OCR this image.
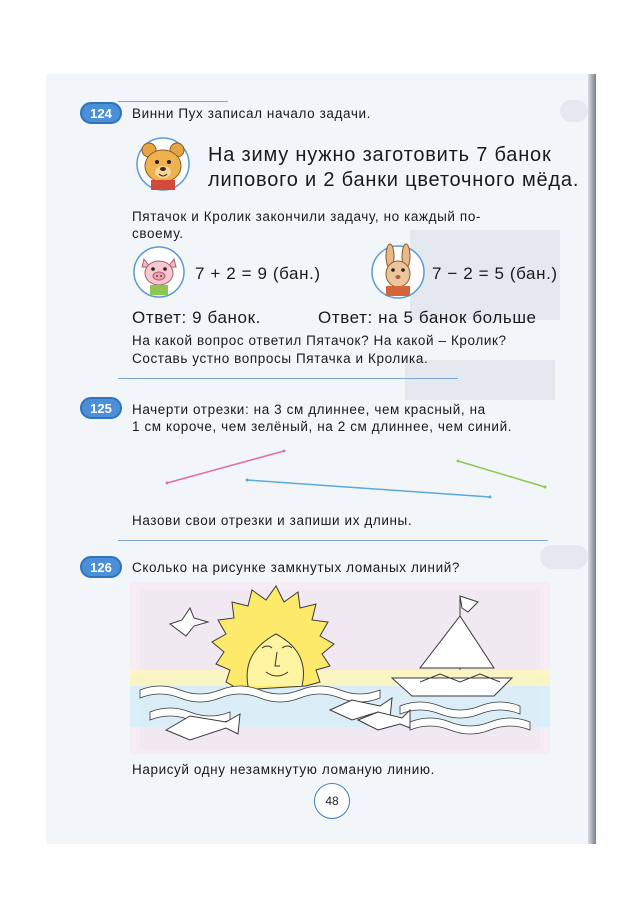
124	Винни Пух записал начало задачи.
На зиму нужно заготовить 7 банок
липового и 2 банки цветочного мёда.
Пятачок и Кролик закончили задачу, но каждый по-
своему.
7 + 2 = 9 (бан.)	7 − 2 = 5 (бан.)
Ответ: 9 банок.	Ответ: на 5 банок больше
На какой вопрос ответил Пятачок? На какой – Кролик?
Составь устно вопросы Пятачка и Кролика.
125	Начерти отрезки: на 3 см длиннее, чем красный, на
1 см короче, чем зелёный, на 2 см длиннее, чем синий.
Назови свои отрезки и запиши их длины.
126	Сколько на рисунке замкнутых ломаных линий?
Нарисуй одну незамкнутую ломаную линию.
48
